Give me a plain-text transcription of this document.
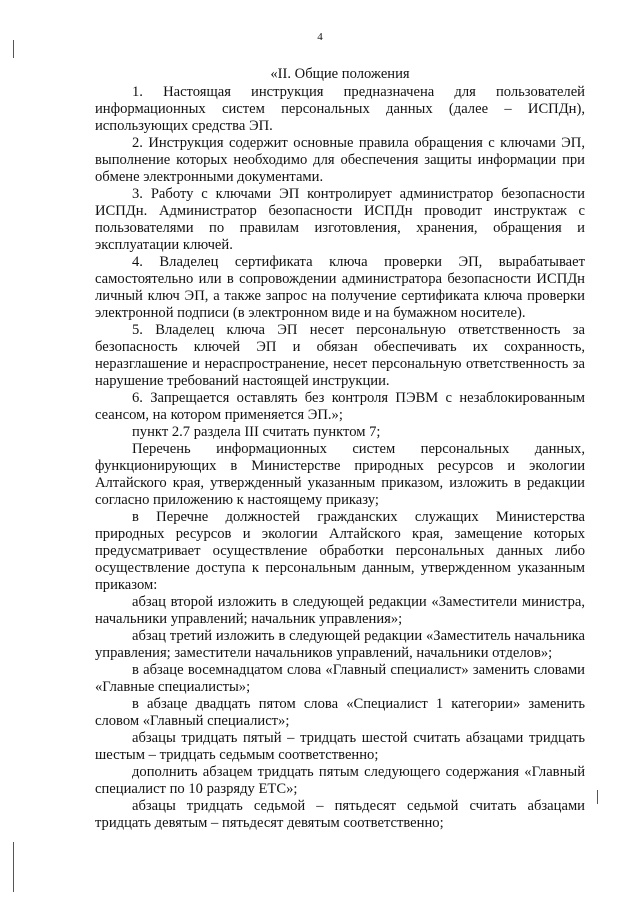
4

«II. Общие положения

1. Настоящая инструкция предназначена для пользователей информационных систем персональных данных (далее – ИСПДн), использующих средства ЭП.

2. Инструкция содержит основные правила обращения с ключами ЭП, выполнение которых необходимо для обеспечения защиты информации при обмене электронными документами.

3. Работу с ключами ЭП контролирует администратор безопасности ИСПДн. Администратор безопасности ИСПДн проводит инструктаж с пользователями по правилам изготовления, хранения, обращения и эксплуатации ключей.

4. Владелец сертификата ключа проверки ЭП, вырабатывает самостоятельно или в сопровождении администратора безопасности ИСПДн личный ключ ЭП, а также запрос на получение сертификата ключа проверки электронной подписи (в электронном виде и на бумажном носителе).

5. Владелец ключа ЭП несет персональную ответственность за безопасность ключей ЭП и обязан обеспечивать их сохранность, неразглашение и нераспространение, несет персональную ответственность за нарушение требований настоящей инструкции.

6. Запрещается оставлять без контроля ПЭВМ с незаблокированным сеансом, на котором применяется ЭП.»;

пункт 2.7 раздела III считать пунктом 7;

Перечень информационных систем персональных данных, функционирующих в Министерстве природных ресурсов и экологии Алтайского края, утвержденный указанным приказом, изложить в редакции согласно приложению к настоящему приказу;

в Перечне должностей гражданских служащих Министерства природных ресурсов и экологии Алтайского края, замещение которых предусматривает осуществление обработки персональных данных либо осуществление доступа к персональным данным, утвержденном указанным приказом:

абзац второй изложить в следующей редакции «Заместители министра, начальники управлений; начальник управления»;

абзац третий изложить в следующей редакции «Заместитель начальника управления; заместители начальников управлений, начальники отделов»;

в абзаце восемнадцатом слова «Главный специалист» заменить словами «Главные специалисты»;

в абзаце двадцать пятом слова «Специалист 1 категории» заменить словом «Главный специалист»;

абзацы тридцать пятый – тридцать шестой считать абзацами тридцать шестым – тридцать седьмым соответственно;

дополнить абзацем тридцать пятым следующего содержания «Главный специалист по 10 разряду ЕТС»;

абзацы тридцать седьмой – пятьдесят седьмой считать абзацами тридцать девятым – пятьдесят девятым соответственно;
